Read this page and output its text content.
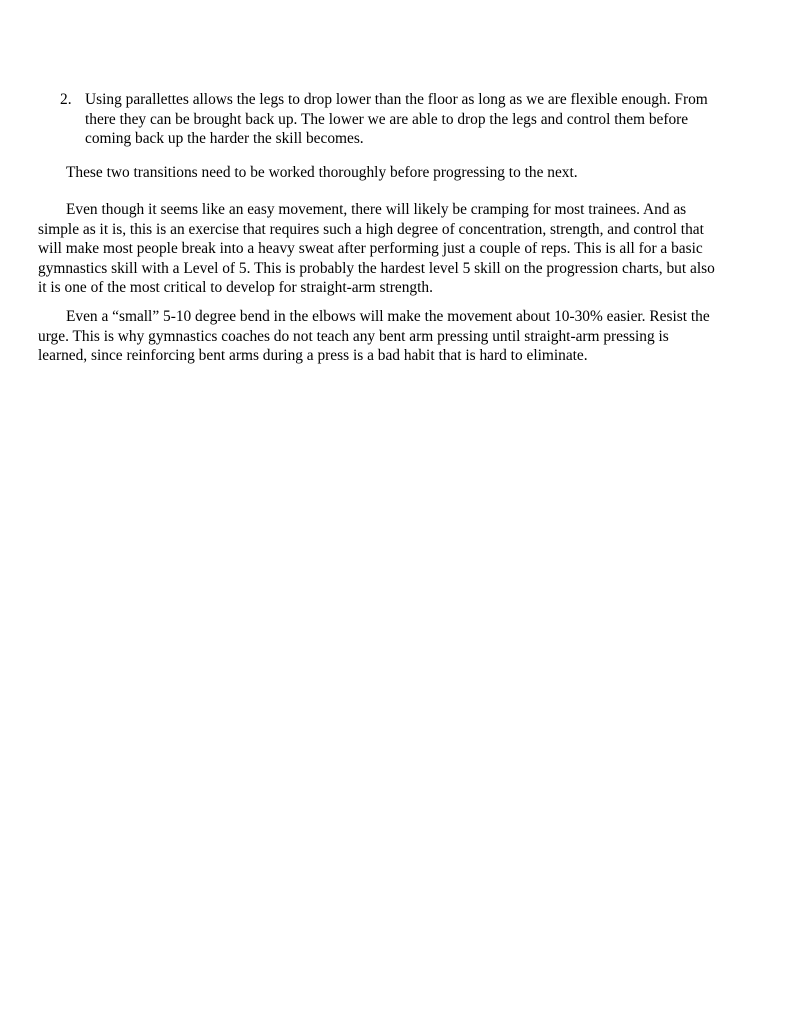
2. Using parallettes allows the legs to drop lower than the floor as long as we are flexible enough. From there they can be brought back up. The lower we are able to drop the legs and control them before coming back up the harder the skill becomes.

These two transitions need to be worked thoroughly before progressing to the next.

Even though it seems like an easy movement, there will likely be cramping for most trainees. And as simple as it is, this is an exercise that requires such a high degree of concentration, strength, and control that will make most people break into a heavy sweat after performing just a couple of reps. This is all for a basic gymnastics skill with a Level of 5. This is probably the hardest level 5 skill on the progression charts, but also it is one of the most critical to develop for straight-arm strength.

Even a “small” 5-10 degree bend in the elbows will make the movement about 10-30% easier. Resist the urge. This is why gymnastics coaches do not teach any bent arm pressing until straight-arm pressing is learned, since reinforcing bent arms during a press is a bad habit that is hard to eliminate.
